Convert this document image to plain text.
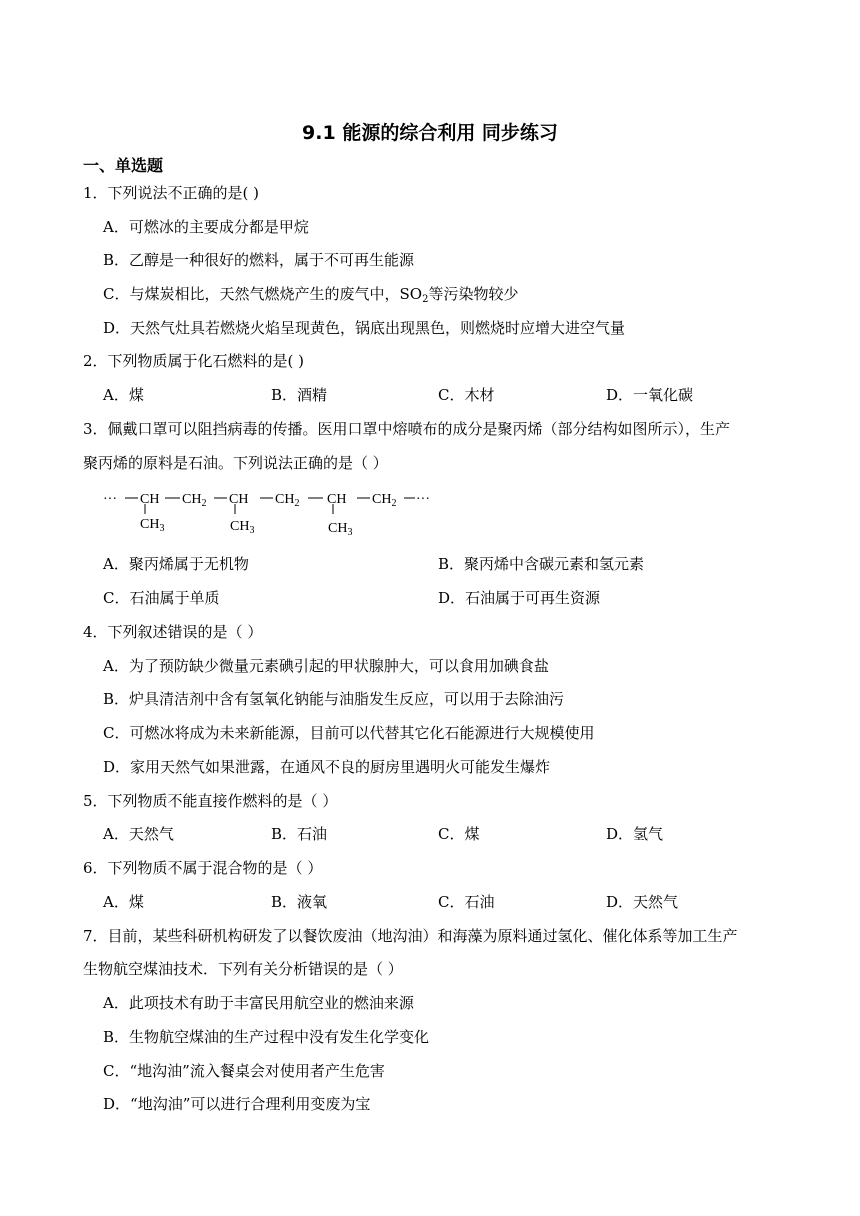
9.1 能源的综合利用 同步练习
一、单选题
1．下列说法不正确的是( )
A．可燃冰的主要成分都是甲烷
B．乙醇是一种很好的燃料，属于不可再生能源
C．与煤炭相比，天然气燃烧产生的废气中，$SO_2$等污染物较少
D．天然气灶具若燃烧火焰呈现黄色，锅底出现黑色，则燃烧时应增大进空气量
2．下列物质属于化石燃料的是( )
A．煤	B．酒精	C．木材	D．一氧化碳
3．佩戴口罩可以阻挡病毒的传播。医用口罩中熔喷布的成分是聚丙烯（部分结构如图所示），生产
聚丙烯的原料是石油。下列说法正确的是（ ）
··· CH $CH_2$ CH $CH_2$ CH $CH_2$ ···
$CH_3$	$CH_3$	$CH_3$
A．聚丙烯属于无机物	B．聚丙烯中含碳元素和氢元素
C．石油属于单质	D．石油属于可再生资源
4．下列叙述错误的是（ ）
A．为了预防缺少微量元素碘引起的甲状腺肿大，可以食用加碘食盐
B．炉具清洁剂中含有氢氧化钠能与油脂发生反应，可以用于去除油污
C．可燃冰将成为未来新能源，目前可以代替其它化石能源进行大规模使用
D．家用天然气如果泄露，在通风不良的厨房里遇明火可能发生爆炸
5．下列物质不能直接作燃料的是（ ）
A．天然气	B．石油	C．煤	D．氢气
6．下列物质不属于混合物的是（ ）
A．煤	B．液氧	C．石油	D．天然气
7．目前，某些科研机构研发了以餐饮废油（地沟油）和海藻为原料通过氢化、催化体系等加工生产
生物航空煤油技术．下列有关分析错误的是（ ）
A．此项技术有助于丰富民用航空业的燃油来源
B．生物航空煤油的生产过程中没有发生化学变化
C．“地沟油”流入餐桌会对使用者产生危害
D．“地沟油”可以进行合理利用变废为宝
